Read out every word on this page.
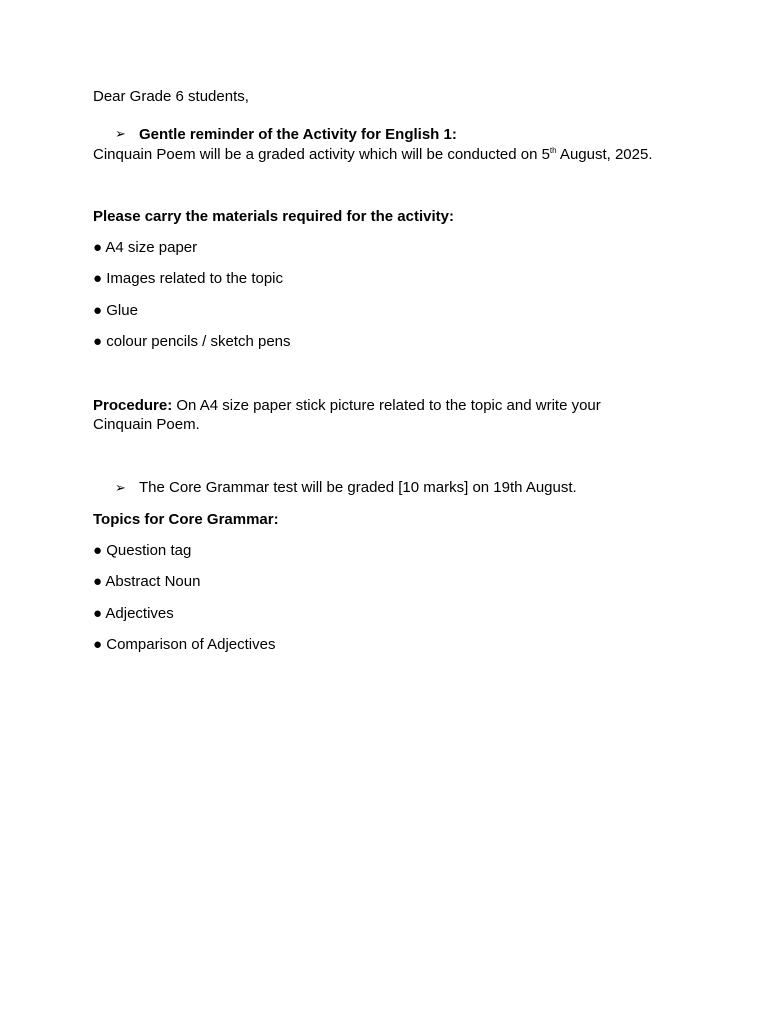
Dear Grade 6 students,
➢ Gentle reminder of the Activity for English 1:
Cinquain Poem will be a graded activity which will be conducted on 5th August, 2025.
Please carry the materials required for the activity:
● A4 size paper
● Images related to the topic
● Glue
● colour pencils / sketch pens
Procedure: On A4 size paper stick picture related to the topic and write your Cinquain Poem.
➢ The Core Grammar test will be graded [10 marks] on 19th August.
Topics for Core Grammar:
● Question tag
● Abstract Noun
● Adjectives
● Comparison of Adjectives
